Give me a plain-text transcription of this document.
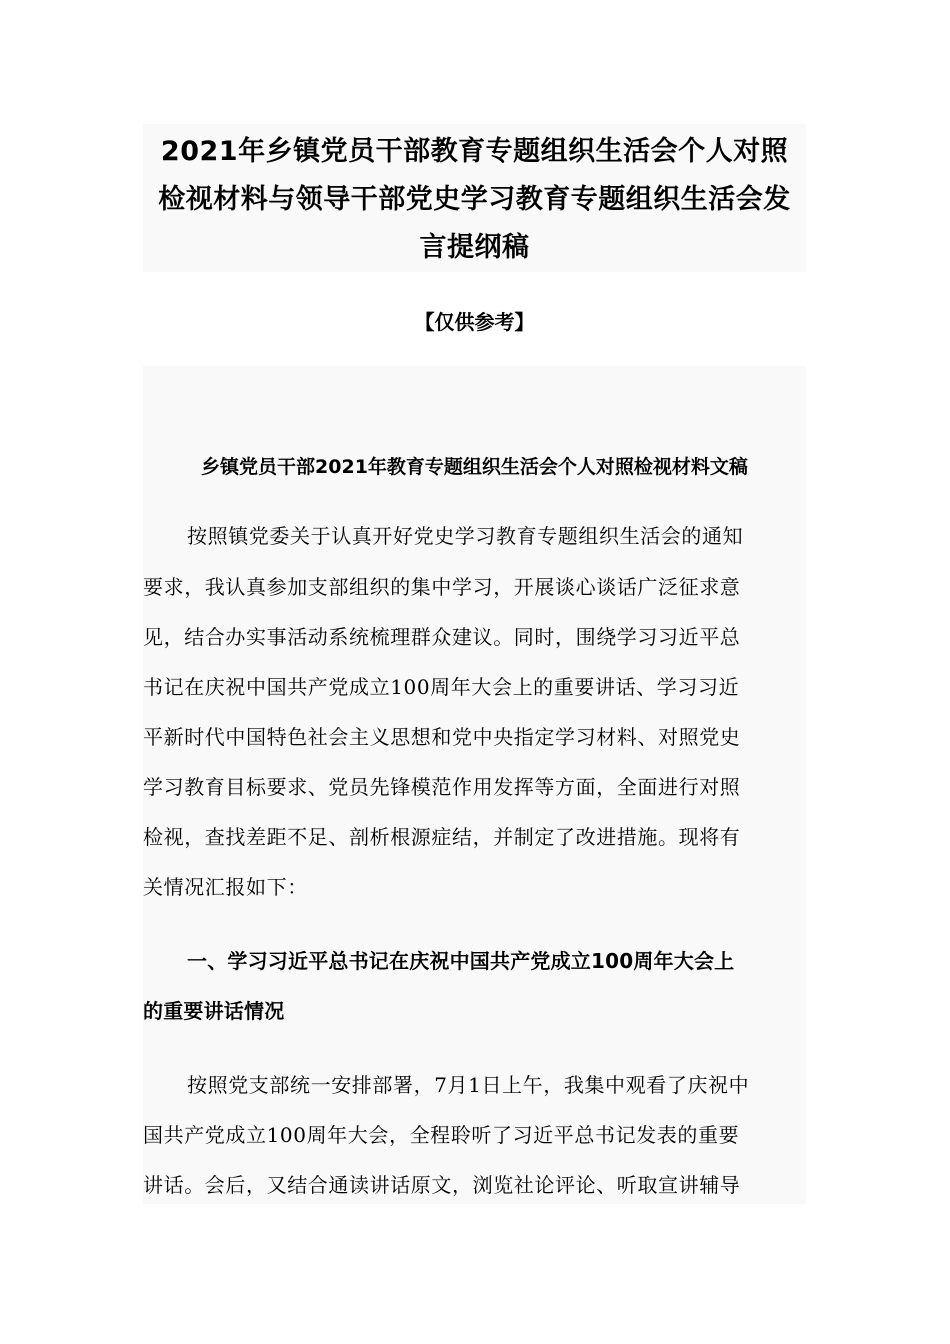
2021年乡镇党员干部教育专题组织生活会个人对照
检视材料与领导干部党史学习教育专题组织生活会发
言提纲稿
【仅供参考】
乡镇党员干部2021年教育专题组织生活会个人对照检视材料文稿
按照镇党委关于认真开好党史学习教育专题组织生活会的通知
要求，我认真参加支部组织的集中学习，开展谈心谈话广泛征求意
见，结合办实事活动系统梳理群众建议。同时，围绕学习习近平总
书记在庆祝中国共产党成立100周年大会上的重要讲话、学习习近
平新时代中国特色社会主义思想和党中央指定学习材料、对照党史
学习教育目标要求、党员先锋模范作用发挥等方面，全面进行对照
检视，查找差距不足、剖析根源症结，并制定了改进措施。现将有
关情况汇报如下：
一、学习习近平总书记在庆祝中国共产党成立100周年大会上
的重要讲话情况
按照党支部统一安排部署，7月1日上午，我集中观看了庆祝中
国共产党成立100周年大会，全程聆听了习近平总书记发表的重要
讲话。会后，又结合通读讲话原文，浏览社论评论、听取宣讲辅导
